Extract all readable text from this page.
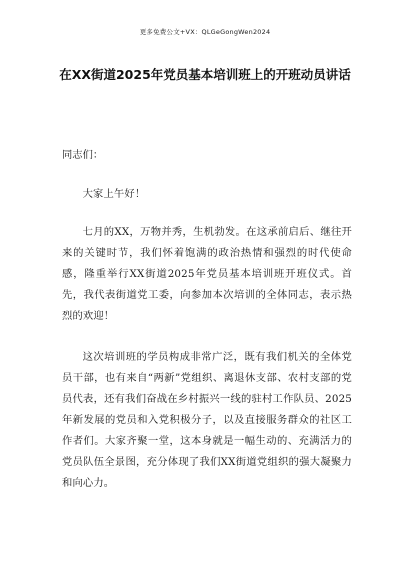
更多免费公文+VX：QLGeGongWen2024
在XX街道2025年党员基本培训班上的开班动员讲话

同志们：

大家上午好！

七月的XX，万物并秀，生机勃发。在这承前启后、继往开来的关键时节，我们怀着饱满的政治热情和强烈的时代使命感，隆重举行XX街道2025年党员基本培训班开班仪式。首先，我代表街道党工委，向参加本次培训的全体同志，表示热烈的欢迎！

这次培训班的学员构成非常广泛，既有我们机关的全体党员干部，也有来自“两新”党组织、离退休支部、农村支部的党员代表，还有我们奋战在乡村振兴一线的驻村工作队员、2025年新发展的党员和入党积极分子，以及直接服务群众的社区工作者们。大家齐聚一堂，这本身就是一幅生动的、充满活力的党员队伍全景图，充分体现了我们XX街道党组织的强大凝聚力和向心力。
